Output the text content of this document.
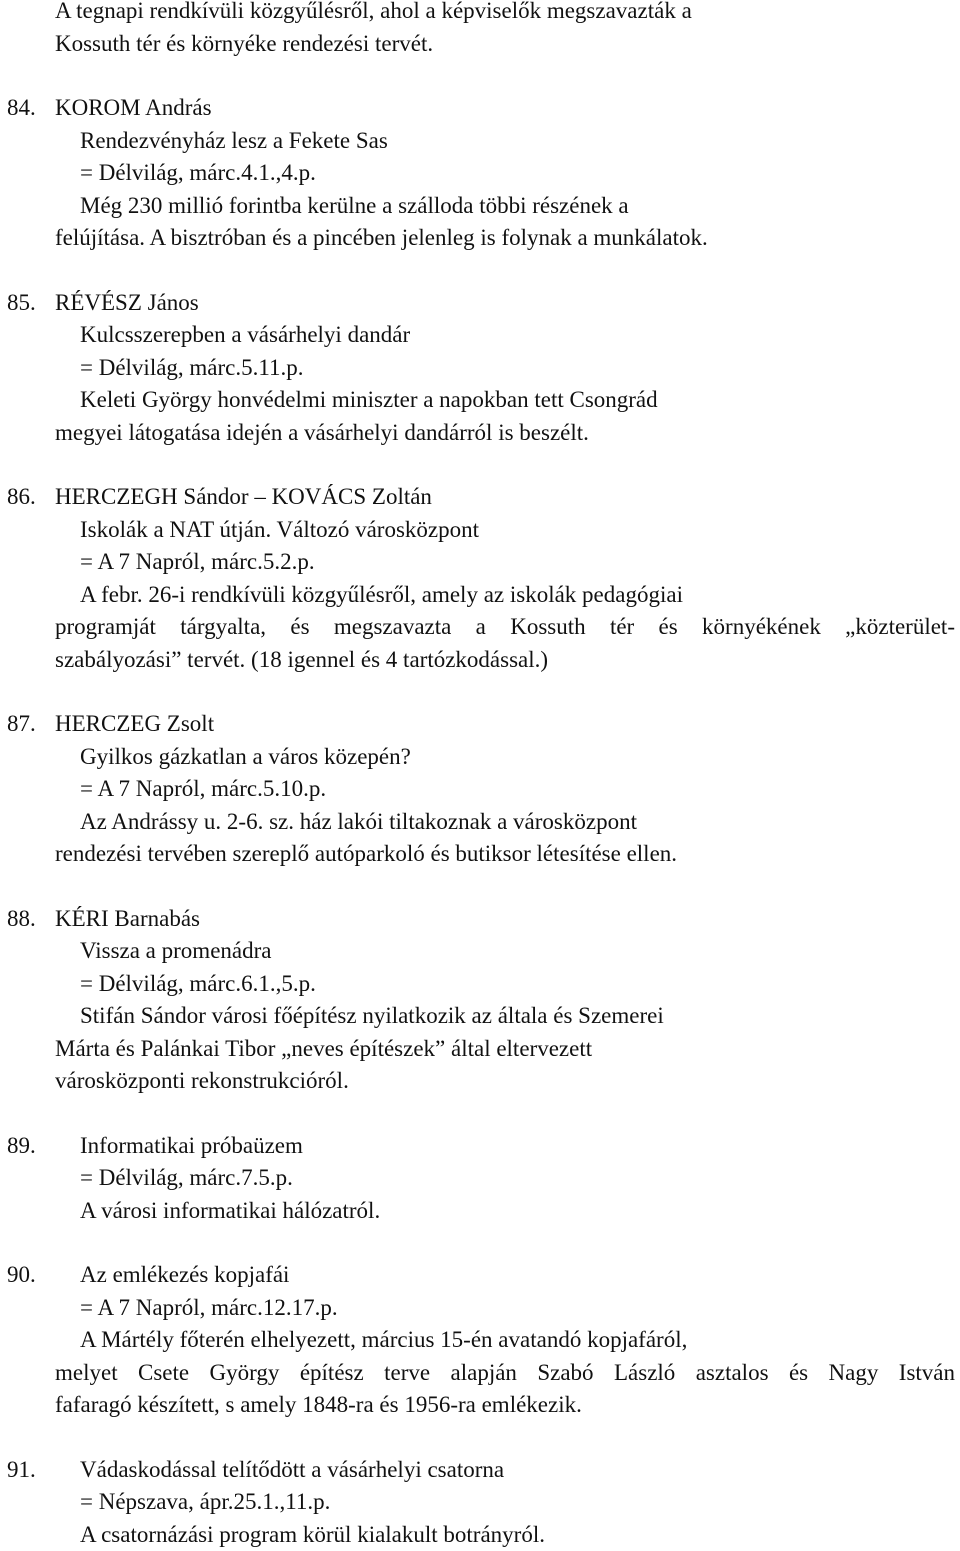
A tegnapi rendkívüli közgyűlésről, ahol a képviselők megszavazták a
Kossuth tér és környéke rendezési tervét.
84. KOROM András
Rendezvényház lesz a Fekete Sas
= Délvilág, márc.4.1.,4.p.
Még 230 millió forintba kerülne a szálloda többi részének a
felújítása. A bisztróban és a pincében jelenleg is folynak a munkálatok.
85. RÉVÉSZ János
Kulcsszerepben a vásárhelyi dandár
= Délvilág, márc.5.11.p.
Keleti György honvédelmi miniszter a napokban tett Csongrád
megyei látogatása idején a vásárhelyi dandárról is beszélt.
86. HERCZEGH Sándor – KOVÁCS Zoltán
Iskolák a NAT útján. Változó városközpont
= A 7 Napról, márc.5.2.p.
A febr. 26-i rendkívüli közgyűlésről, amely az iskolák pedagógiai
programját tárgyalta, és megszavazta a Kossuth tér és környékének „közterület-
szabályozási” tervét. (18 igennel és 4 tartózkodással.)
87. HERCZEG Zsolt
Gyilkos gázkatlan a város közepén?
= A 7 Napról, márc.5.10.p.
Az Andrássy u. 2-6. sz. ház lakói tiltakoznak a városközpont
rendezési tervében szereplő autóparkoló és butiksor létesítése ellen.
88. KÉRI Barnabás
Vissza a promenádra
= Délvilág, márc.6.1.,5.p.
Stifán Sándor városi főépítész nyilatkozik az általa és Szemerei
Márta és Palánkai Tibor „neves építészek” által eltervezett
városközponti rekonstrukcióról.
89. Informatikai próbaüzem
= Délvilág, márc.7.5.p.
A városi informatikai hálózatról.
90. Az emlékezés kopjafái
= A 7 Napról, márc.12.17.p.
A Mártély főterén elhelyezett, március 15-én avatandó kopjafáról,
melyet Csete György építész terve alapján Szabó László asztalos és Nagy István
fafaragó készített, s amely 1848-ra és 1956-ra emlékezik.
91. Vádaskodással telítődött a vásárhelyi csatorna
= Népszava, ápr.25.1.,11.p.
A csatornázási program körül kialakult botrányról.
